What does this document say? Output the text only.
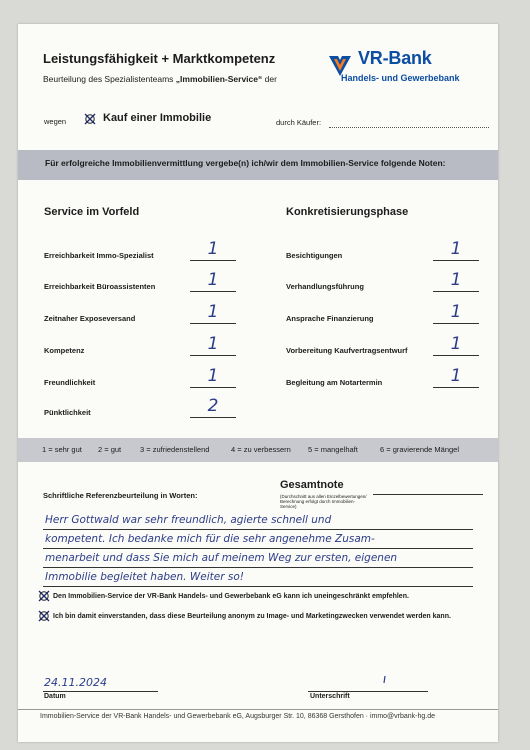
Leistungsfähigkeit + Marktkompetenz
Beurteilung des Spezialistenteams „Immobilien-Service“ der
VR-Bank
Handels- und Gewerbebank
wegen	Kauf einer Immobilie	durch Käufer:
Für erfolgreiche Immobilienvermittlung vergebe(n) ich/wir dem Immobilien-Service folgende Noten:
Service im Vorfeld
Erreichbarkeit Immo-Spezialist	1
Erreichbarkeit Büroassistenten	1
Zeitnaher Exposeversand	1
Kompetenz	1
Freundlichkeit	1
Pünktlichkeit	2
Konkretisierungsphase
Besichtigungen	1
Verhandlungsführung	1
Ansprache Finanzierung	1
Vorbereitung Kaufvertragsentwurf	1
Begleitung am Notartermin	1
1 = sehr gut 2 = gut	3 = zufriedenstellend	4 = zu verbessern 5 = mangelhaft	6 = gravierende Mängel
Schriftliche Referenzbeurteilung in Worten:
Gesamtnote
(Durchschnitt aus allen Einzelbewertungen/ Berechnung erfolgt durch Immobilien-Service)
Herr Gottwald war sehr freundlich, agierte schnell und
kompetent. Ich bedanke mich für die sehr angenehme Zusam-
menarbeit und dass Sie mich auf meinem Weg zur ersten, eigenen
Immobilie begleitet haben. Weiter so!
Den Immobilien-Service der VR-Bank Handels- und Gewerbebank eG kann ich uneingeschränkt empfehlen.
Ich bin damit einverstanden, dass diese Beurteilung anonym zu Image- und Marketingzwecken verwendet werden kann.
24.11.2024
Datum	Unterschrift
Immobilien-Service der VR-Bank Handels- und Gewerbebank eG, Augsburger Str. 10, 86368 Gersthofen · immo@vrbank-hg.de
